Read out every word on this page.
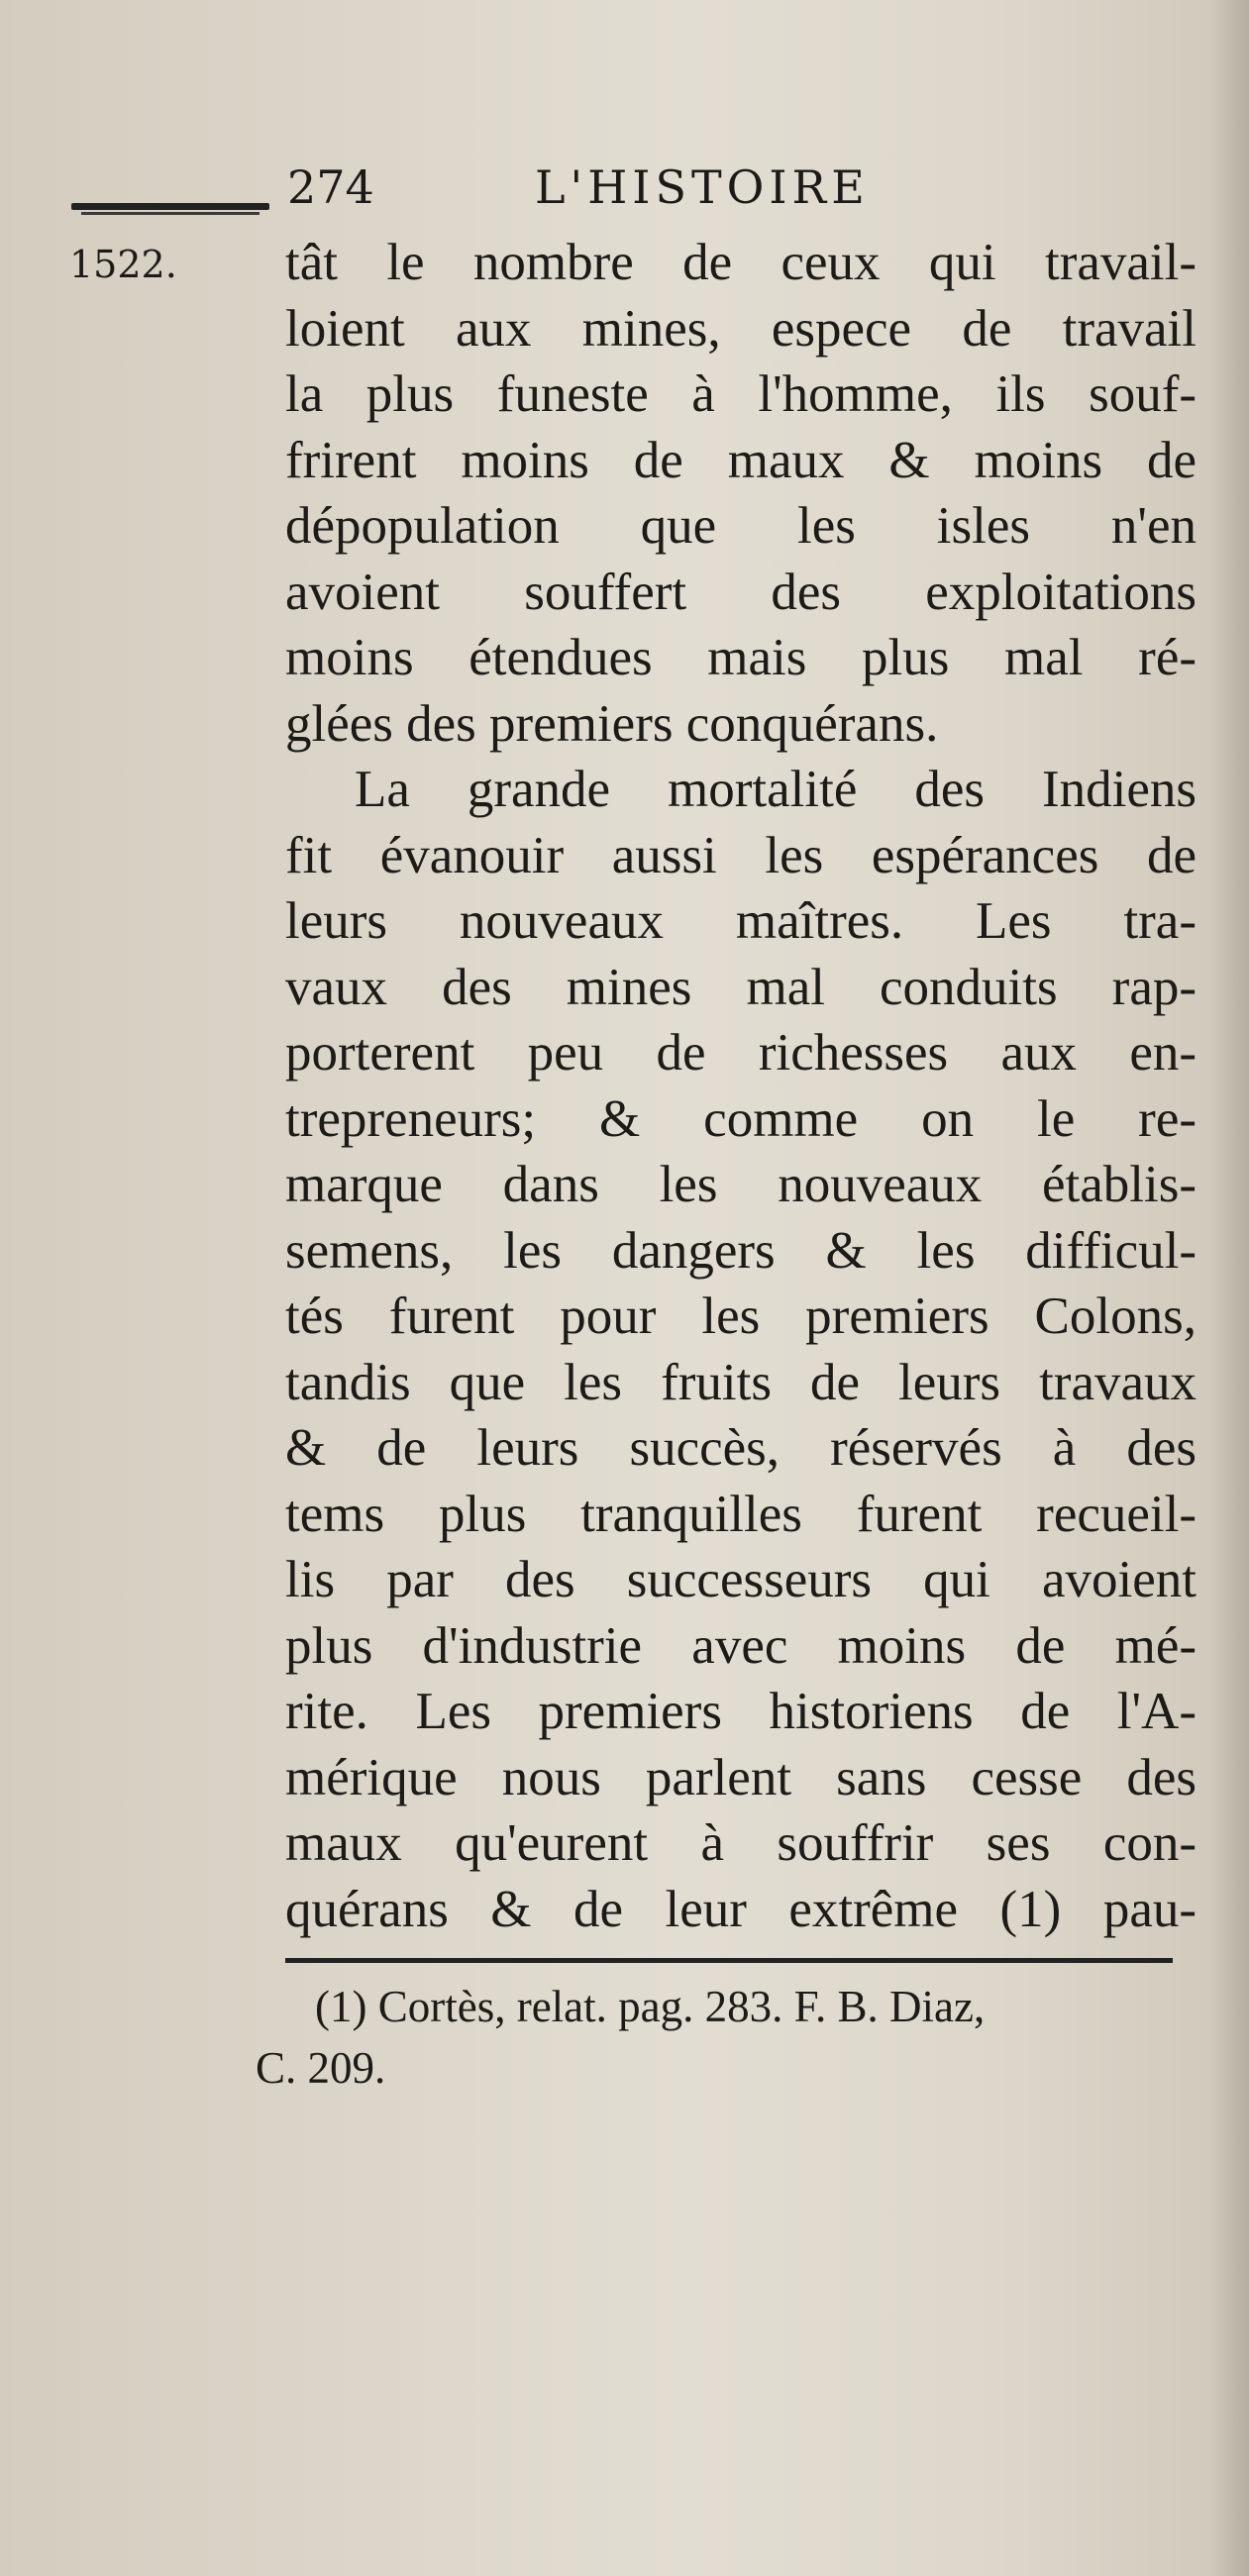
274	L'HISTOIRE
1522. tât le nombre de ceux qui travail-
loient aux mines, espece de travail
la plus funeste à l'homme, ils souf-
frirent moins de maux & moins de
dépopulation que les isles n'en
avoient souffert des exploitations
moins étendues mais plus mal ré-
glées des premiers conquérans.
La grande mortalité des Indiens
fit évanouir aussi les espérances de
leurs nouveaux maîtres. Les tra-
vaux des mines mal conduits rap-
porterent peu de richesses aux en-
trepreneurs; & comme on le re-
marque dans les nouveaux établis-
semens, les dangers & les difficul-
tés furent pour les premiers Colons,
tandis que les fruits de leurs travaux
& de leurs succès, réservés à des
tems plus tranquilles furent recueil-
lis par des successeurs qui avoient
plus d'industrie avec moins de mé-
rite. Les premiers historiens de l'A-
mérique nous parlent sans cesse des
maux qu'eurent à souffrir ses con-
quérans & de leur extrême (1) pau-
(1) Cortès, relat. pag. 283. F. B. Diaz,
C. 209.
